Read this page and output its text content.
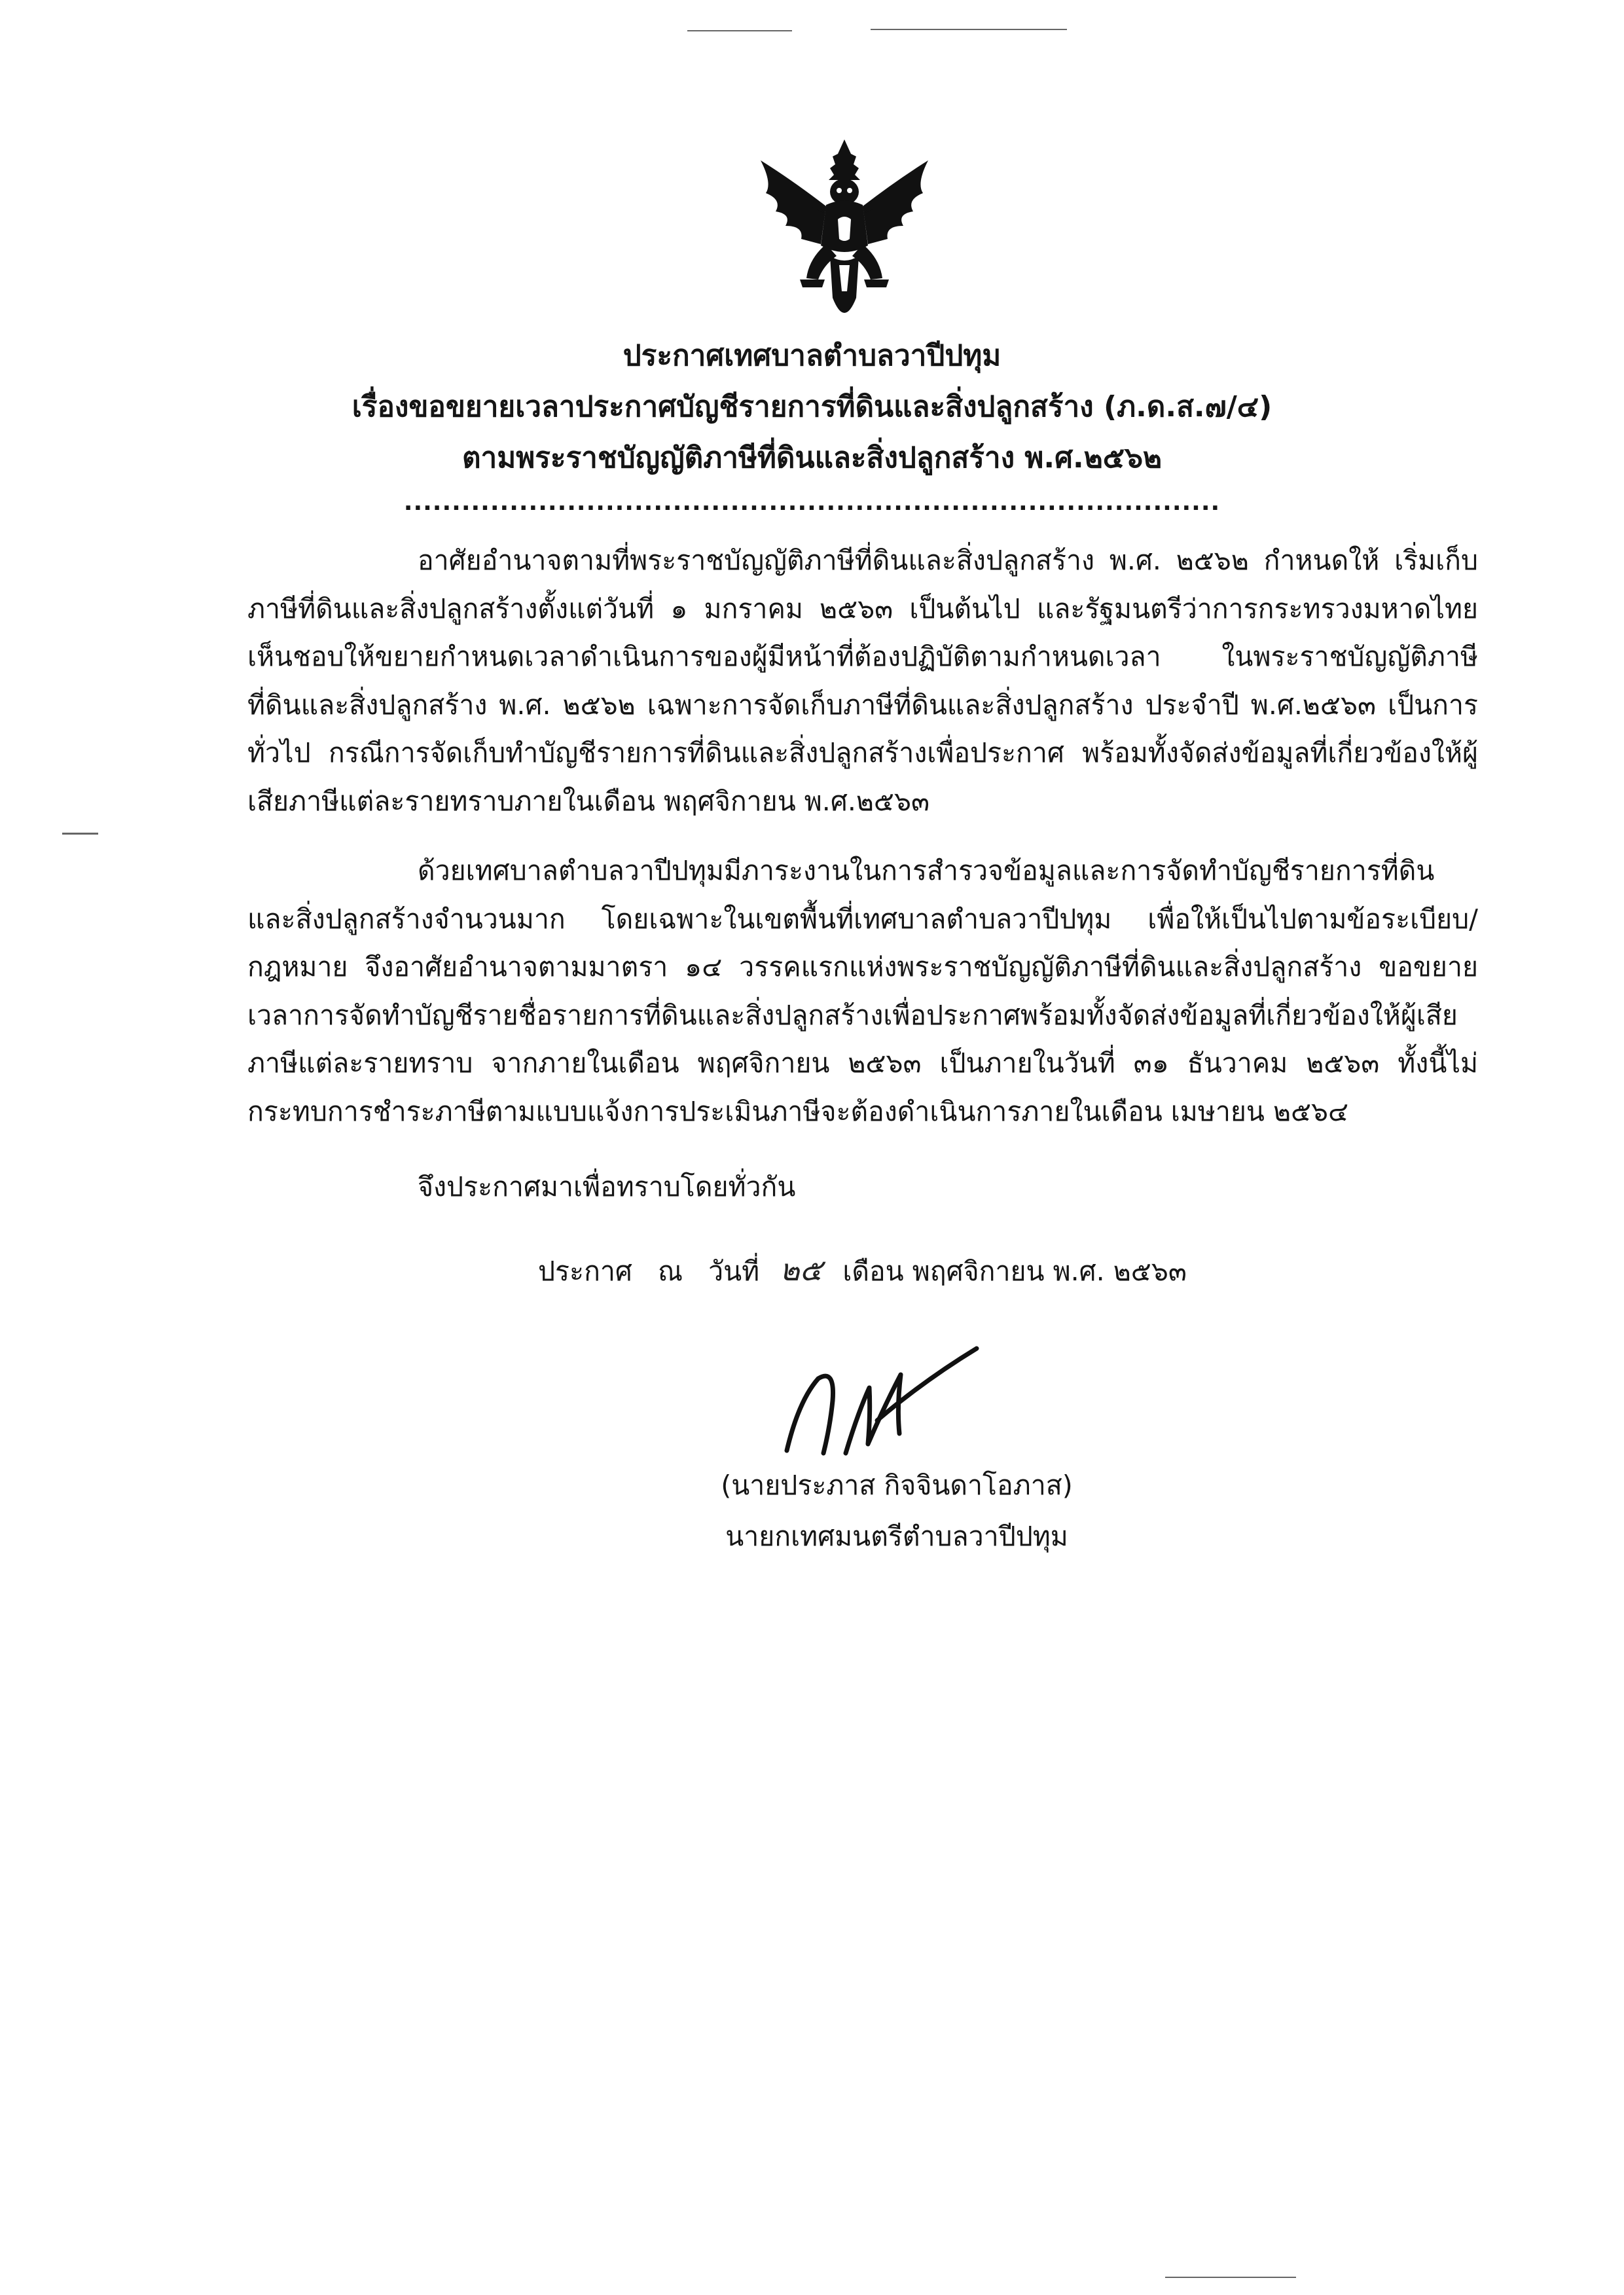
ประกาศเทศบาลตำบลวาปีปทุม
เรื่องขอขยายเวลาประกาศบัญชีรายการที่ดินและสิ่งปลูกสร้าง (ภ.ด.ส.๗/๔)
ตามพระราชบัญญัติภาษีที่ดินและสิ่งปลูกสร้าง พ.ศ.๒๕๖๒
.....................................................................................

อาศัยอำนาจตามที่พระราชบัญญัติภาษีที่ดินและสิ่งปลูกสร้าง พ.ศ. ๒๕๖๒ กำหนดให้ เริ่มเก็บภาษีที่ดินและสิ่งปลูกสร้างตั้งแต่วันที่ ๑ มกราคม ๒๕๖๓ เป็นต้นไป และรัฐมนตรีว่าการกระทรวงมหาดไทยเห็นชอบให้ขยายกำหนดเวลาดำเนินการของผู้มีหน้าที่ต้องปฏิบัติตามกำหนดเวลา ในพระราชบัญญัติภาษีที่ดินและสิ่งปลูกสร้าง พ.ศ. ๒๕๖๒ เฉพาะการจัดเก็บภาษีที่ดินและสิ่งปลูกสร้าง ประจำปี พ.ศ.๒๕๖๓ เป็นการทั่วไป กรณีการจัดเก็บทำบัญชีรายการที่ดินและสิ่งปลูกสร้างเพื่อประกาศ พร้อมทั้งจัดส่งข้อมูลที่เกี่ยวข้องให้ผู้เสียภาษีแต่ละรายทราบภายในเดือน พฤศจิกายน พ.ศ.๒๕๖๓

ด้วยเทศบาลตำบลวาปีปทุมมีภาระงานในการสำรวจข้อมูลและการจัดทำบัญชีรายการที่ดินและสิ่งปลูกสร้างจำนวนมาก โดยเฉพาะในเขตพื้นที่เทศบาลตำบลวาปีปทุม เพื่อให้เป็นไปตามข้อระเบียบ/กฎหมาย จึงอาศัยอำนาจตามมาตรา ๑๔ วรรคแรกแห่งพระราชบัญญัติภาษีที่ดินและสิ่งปลูกสร้าง ขอขยายเวลาการจัดทำบัญชีรายชื่อรายการที่ดินและสิ่งปลูกสร้างเพื่อประกาศพร้อมทั้งจัดส่งข้อมูลที่เกี่ยวข้องให้ผู้เสียภาษีแต่ละรายทราบ จากภายในเดือน พฤศจิกายน ๒๕๖๓ เป็นภายในวันที่ ๓๑ ธันวาคม ๒๕๖๓ ทั้งนี้ไม่กระทบการชำระภาษีตามแบบแจ้งการประเมินภาษีจะต้องดำเนินการภายในเดือน เมษายน ๒๕๖๔

จึงประกาศมาเพื่อทราบโดยทั่วกัน
ประกาศ ณ วันที่ ๒๕ เดือน พฤศจิกายน พ.ศ. ๒๕๖๓
(นายประภาส กิจจินดาโอภาส)
นายกเทศมนตรีตำบลวาปีปทุม
